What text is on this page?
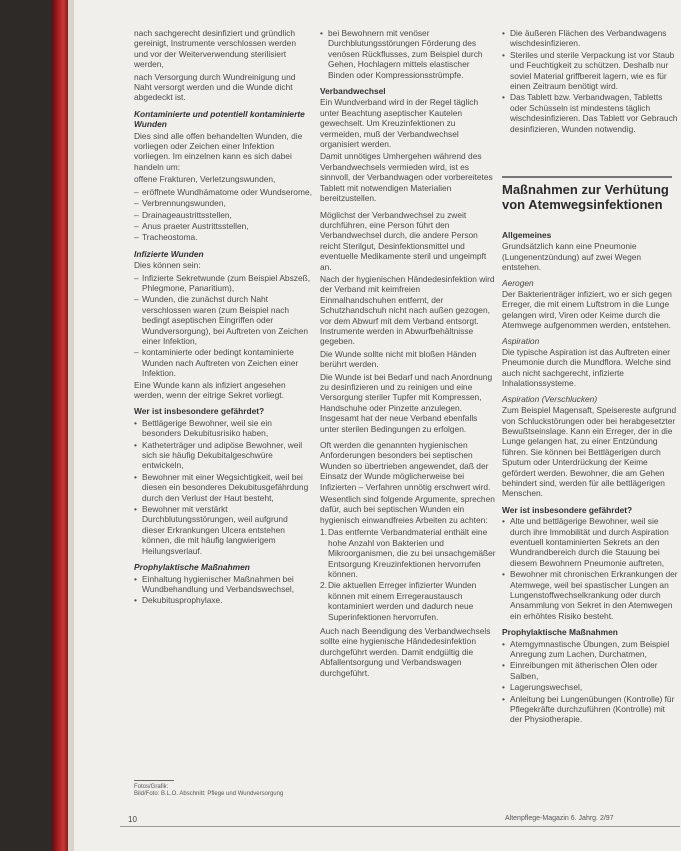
nach sachgerecht desinfiziert und gründlich gereinigt, Instrumente verschlossen werden und vor der Weiterverwendung sterilisiert werden,

nach Versorgung durch Wundreinigung und Naht versorgt werden und die Wunde dicht abgedeckt ist.

Kontaminierte und potentiell kontaminierte Wunden

Dies sind alle offen behandelten Wunden, die vorliegen oder Zeichen einer Infektion vorliegen. Im einzelnen kann es sich dabei handeln um:

offene Frakturen, Verletzungswunden,

– eröffnete Wundhämatome oder Wundserome,
– Verbrennungswunden,
– Drainageaustrittsstellen,
– Anus praeter Austrittsstellen,
– Tracheostoma.
Infizierte Wunden

Dies können sein:

– Infizierte Sekretwunde (zum Beispiel Abszeß, Phlegmone, Panaritium),
– Wunden, die zunächst durch Naht verschlossen waren (zum Beispiel nach bedingt aseptischen Eingriffen oder Wundversorgung), bei Auftreten von Zeichen einer Infektion,
– kontaminierte oder bedingt kontaminierte Wunden nach Auftreten von Zeichen einer Infektion.

Eine Wunde kann als infiziert angesehen werden, wenn der eitrige Sekret vorliegt.

Wer ist insbesondere gefährdet?
• Bettlägerige Bewohner, weil sie ein besonders Dekubitusrisiko haben,
• Katheterträger und adipöse Bewohner, weil sich sie häufig Dekubitalgeschwüre entwickeln,
• Bewohner mit einer Wegsichtigkeit, weil bei diesen ein besonderes Dekubitusgefährdung durch den Verlust der Haut besteht,
• Bewohner mit verstärkt Durchblutungsstörungen, weil aufgrund dieser Erkrankungen Ulcera entstehen können, die mit häufig langwierigem Heilungsverlauf.
Prophylaktische Maßnahmen
• Einhaltung hygienischer Maßnahmen bei Wundbehandlung und Verbandswechsel,
• Dekubitusprophylaxe.
• bei Bewohnern mit venöser Durchblutungsstörungen Förderung des venösen Rückflusses, zum Beispiel durch Gehen, Hochlagern mittels elastischer Binden oder Kompressionsstrümpfe.
Verbandwechsel

Ein Wundverband wird in der Regel täglich unter Beachtung aseptischer Kautelen gewechselt. Um Kreuzinfektionen zu vermeiden, muß der Verbandwechsel organisiert werden.

Damit unnötiges Umhergehen während des Verbandwechsels vermieden wird, ist es sinnvoll, der Verbandwagen oder vorbereitetes Tablett mit notwendigen Materialien bereitzustellen.

Möglichst der Verbandwechsel zu zweit durchführen, eine Person führt den Verbandwechsel durch, die andere Person reicht Sterilgut, Desinfektionsmittel und eventuelle Medikamente steril und ungeimpft an.

Nach der hygienischen Händedesinfektion wird der Verband mit keimfreien Einmalhandschuhen entfernt, der Schutzhandschuh nicht nach außen gezogen, vor dem Abwurf mit dem Verband entsorgt. Instrumente werden in Abwurfbehältnisse gegeben.

Die Wunde sollte nicht mit bloßen Händen berührt werden.

Die Wunde ist bei Bedarf und nach Anordnung zu desinfizieren und zu reinigen und eine Versorgung steriler Tupfer mit Kompressen, Handschuhe oder Pinzette anzulegen. Insgesamt hat der neue Verband ebenfalls unter sterilen Bedingungen zu erfolgen.

Oft werden die genannten hygienischen Anforderungen besonders bei septischen Wunden so übertrieben angewendet, daß der Einsatz der Wunde möglicherweise bei Infizierten – Verfahren unnötig erschwert wird.

Wesentlich sind folgende Argumente, sprechen dafür, auch bei septischen Wunden ein hygienisch einwandfreies Arbeiten zu achten:

1. Das entfernte Verbandmaterial enthält eine hohe Anzahl von Bakterien und Mikroorganismen, die zu bei unsachgemäßer Entsorgung Kreuzinfektionen hervorrufen können.
2. Die aktuellen Erreger infizierter Wunden können mit einem Erregeraustausch kontaminiert werden und dadurch neue Superinfektionen hervorrufen.

Auch nach Beendigung des Verbandwechsels sollte eine hygienische Händedesinfektion durchgeführt werden. Damit endgültig die Abfallentsorgung und Verbandswagen durchgeführt.

• Die äußeren Flächen des Verbandwagens wischdesinfizieren.
• Steriles und sterile Verpackung ist vor Staub und Feuchtigkeit zu schützen. Deshalb nur soviel Material griffbereit lagern, wie es für einen Zeitraum benötigt wird.
• Das Tablett bzw. Verbandwagen, Tabletts oder Schüsseln ist mindestens täglich wischdesinfizieren. Das Tablett vor Gebrauch desinfizieren, Wunden notwendig.
Maßnahmen zur Verhütung von Atemwegsinfektionen
Allgemeines

Grundsätzlich kann eine Pneumonie (Lungenentzündung) auf zwei Wegen entstehen.

Aerogen

Der Bakterienträger infiziert, wo er sich gegen Erreger, die mit einem Luftstrom in die Lunge gelangen wird, Viren oder Keime durch die Atemwege aufgenommen werden, entstehen.

Aspiration

Die typische Aspiration ist das Auftreten einer Pneumonie durch die Mundflora. Welche sind auch nicht sachgerecht, infizierte Inhalationssysteme.

Aspiration (Verschlucken)

Zum Beispiel Magensaft, Speisereste aufgrund von Schluckstörungen oder bei herabgesetzter Bewußtseinslage. Kann ein Erreger, der in die Lunge gelangen hat, zu einer Entzündung führen. Sie können bei Bettlägerigen durch Sputum oder Unterdrückung der Keime gefördert werden. Bewohner, die am Gehen behindert sind, werden für alle bettlägerigen Menschen.

Wer ist insbesondere gefährdet?
• Alte und bettlägerige Bewohner, weil sie durch ihre Immobilität und durch Aspiration eventuell kontaminierten Sekrets an den Wundrandbereich durch die Stauung bei diesem Bewohnern Pneumonie auftreten,
• Bewohner mit chronischen Erkrankungen der Atemwege, weil bei spastischer Lungen an Lungenstoffwechselkrankung oder durch Ansammlung von Sekret in den Atemwegen ein erhöhtes Risiko besteht.
Prophylaktische Maßnahmen
• Atemgymnastische Übungen, zum Beispiel Anregung zum Lachen, Durchatmen,
• Einreibungen mit ätherischen Ölen oder Salben,
• Lagerungswechsel,
• Anleitung bei Lungenübungen (Kontrolle) für Pflegekräfte durchzuführen (Kontrolle) mit der Physiotherapie.
Fotos/Grafik:
Bild/Foto: B.L.O. Abschnitt: Pflege und Wundversorgung
10	Altenpflege-Magazin 6. Jahrg. 2/97
